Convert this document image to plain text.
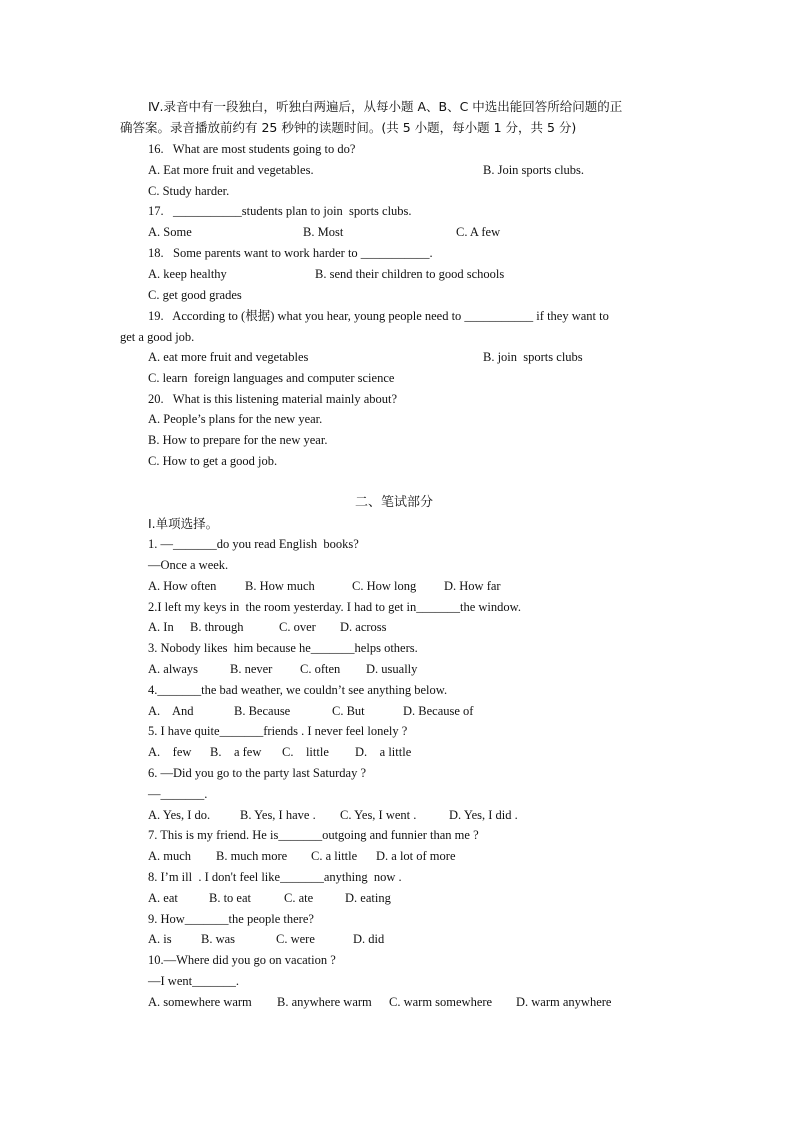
Ⅳ.录音中有一段独白，听独白两遍后，从每小题 A、B、C 中选出能回答所给问题的正
确答案。录音播放前约有 25 秒钟的读题时间。(共 5 小题，每小题 1 分，共 5 分)
16.   What are most students going to do?
A. Eat more fruit and vegetables.	B. Join sports clubs.
C. Study harder.
17.   ___________students plan to join  sports clubs.
A. Some	B. Most	C. A few
18.   Some parents want to work harder to ___________.
A. keep healthy	B. send their children to good schools
C. get good grades
19.   According to (根据) what you hear, young people need to ___________ if they want to
get a good job.
A. eat more fruit and vegetables	B. join  sports clubs
C. learn  foreign languages and computer science
20.   What is this listening material mainly about?
A. People’s plans for the new year.
B. How to prepare for the new year.
C. How to get a good job.
二、笔试部分
I.单项选择。
1. —_______do you read English  books?
—Once a week.
A. How often B. How much	C. How long D. How far
2.I left my keys in  the room yesterday. I had to get in_______the window.
A. In B. through	C. over D. across
3. Nobody likes  him because he_______helps others.
A. always	B. never C. often D. usually
4._______the bad weather, we couldn’t see anything below.
A.    And	B. Because	C. But	D. Because of
5. I have quite_______friends . I never feel lonely ?
A.    few B.    a few C.    little D.    a little
6. —Did you go to the party last Saturday ?
—_______.
A. Yes, I do. B. Yes, I have . C. Yes, I went .	D. Yes, I did .
7. This is my friend. He is_______outgoing and funnier than me ?
A. much B. much more C. a little D. a lot of more
8. I’m ill  . I don't feel like_______anything  now .
A. eat B. to eat	C. ate	D. eating
9. How_______the people there?
A. is B. was	C. were	D. did
10.—Where did you go on vacation ?
—I went_______.
A. somewhere warm B. anywhere warm C. warm somewhere D. warm anywhere
